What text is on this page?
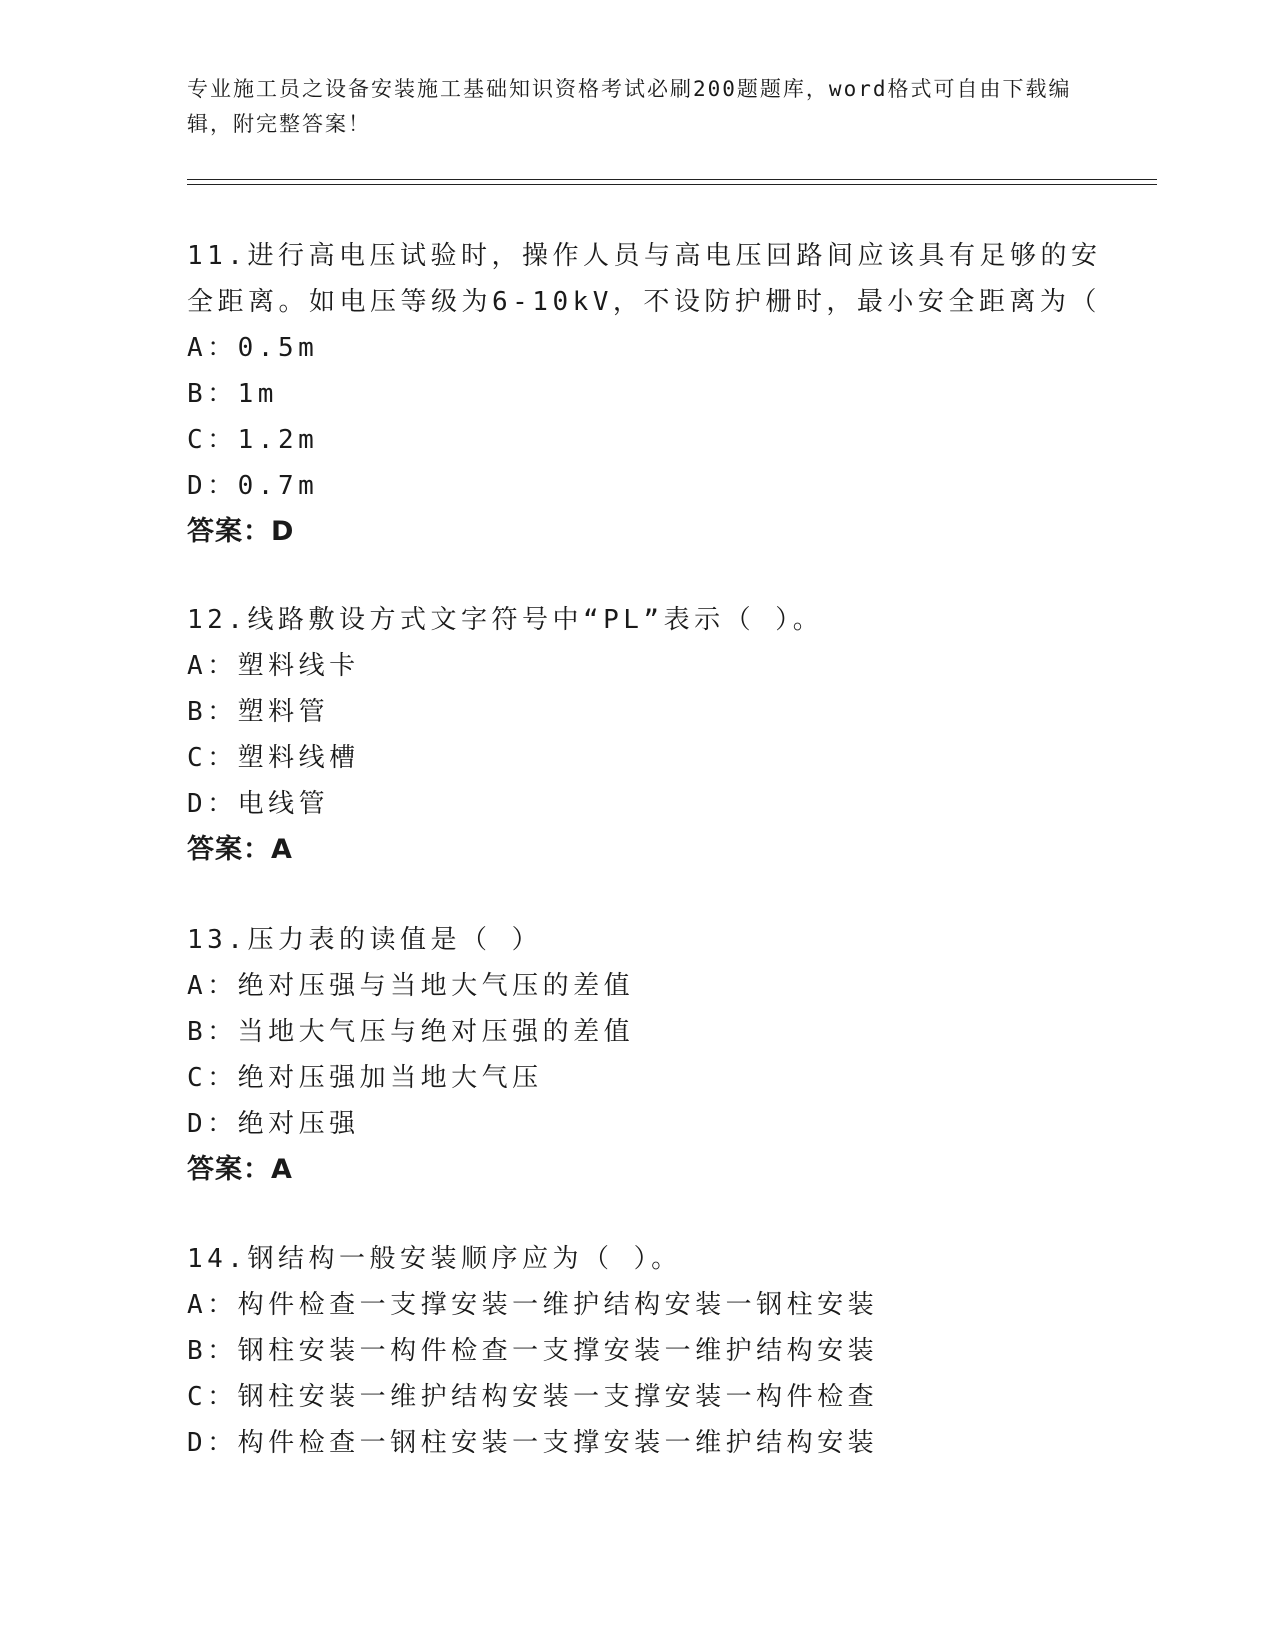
专业施工员之设备安装施工基础知识资格考试必刷200题题库，word格式可自由下载编辑，附完整答案！

11.进行高电压试验时，操作人员与高电压回路间应该具有足够的安全距离。如电压等级为6-10kV，不设防护栅时，最小安全距离为（

A：0.5m

B：1m

C：1.2m

D：0.7m

答案：D

12.线路敷设方式文字符号中“PL”表示（ ）。

A：塑料线卡

B：塑料管

C：塑料线槽

D：电线管

答案：A

13.压力表的读值是（ ）

A：绝对压强与当地大气压的差值

B：当地大气压与绝对压强的差值

C：绝对压强加当地大气压

D：绝对压强

答案：A

14.钢结构一般安装顺序应为（ ）。

A：构件检查一支撑安装一维护结构安装一钢柱安装

B：钢柱安装一构件检查一支撑安装一维护结构安装

C：钢柱安装一维护结构安装一支撑安装一构件检查

D：构件检查一钢柱安装一支撑安装一维护结构安装
